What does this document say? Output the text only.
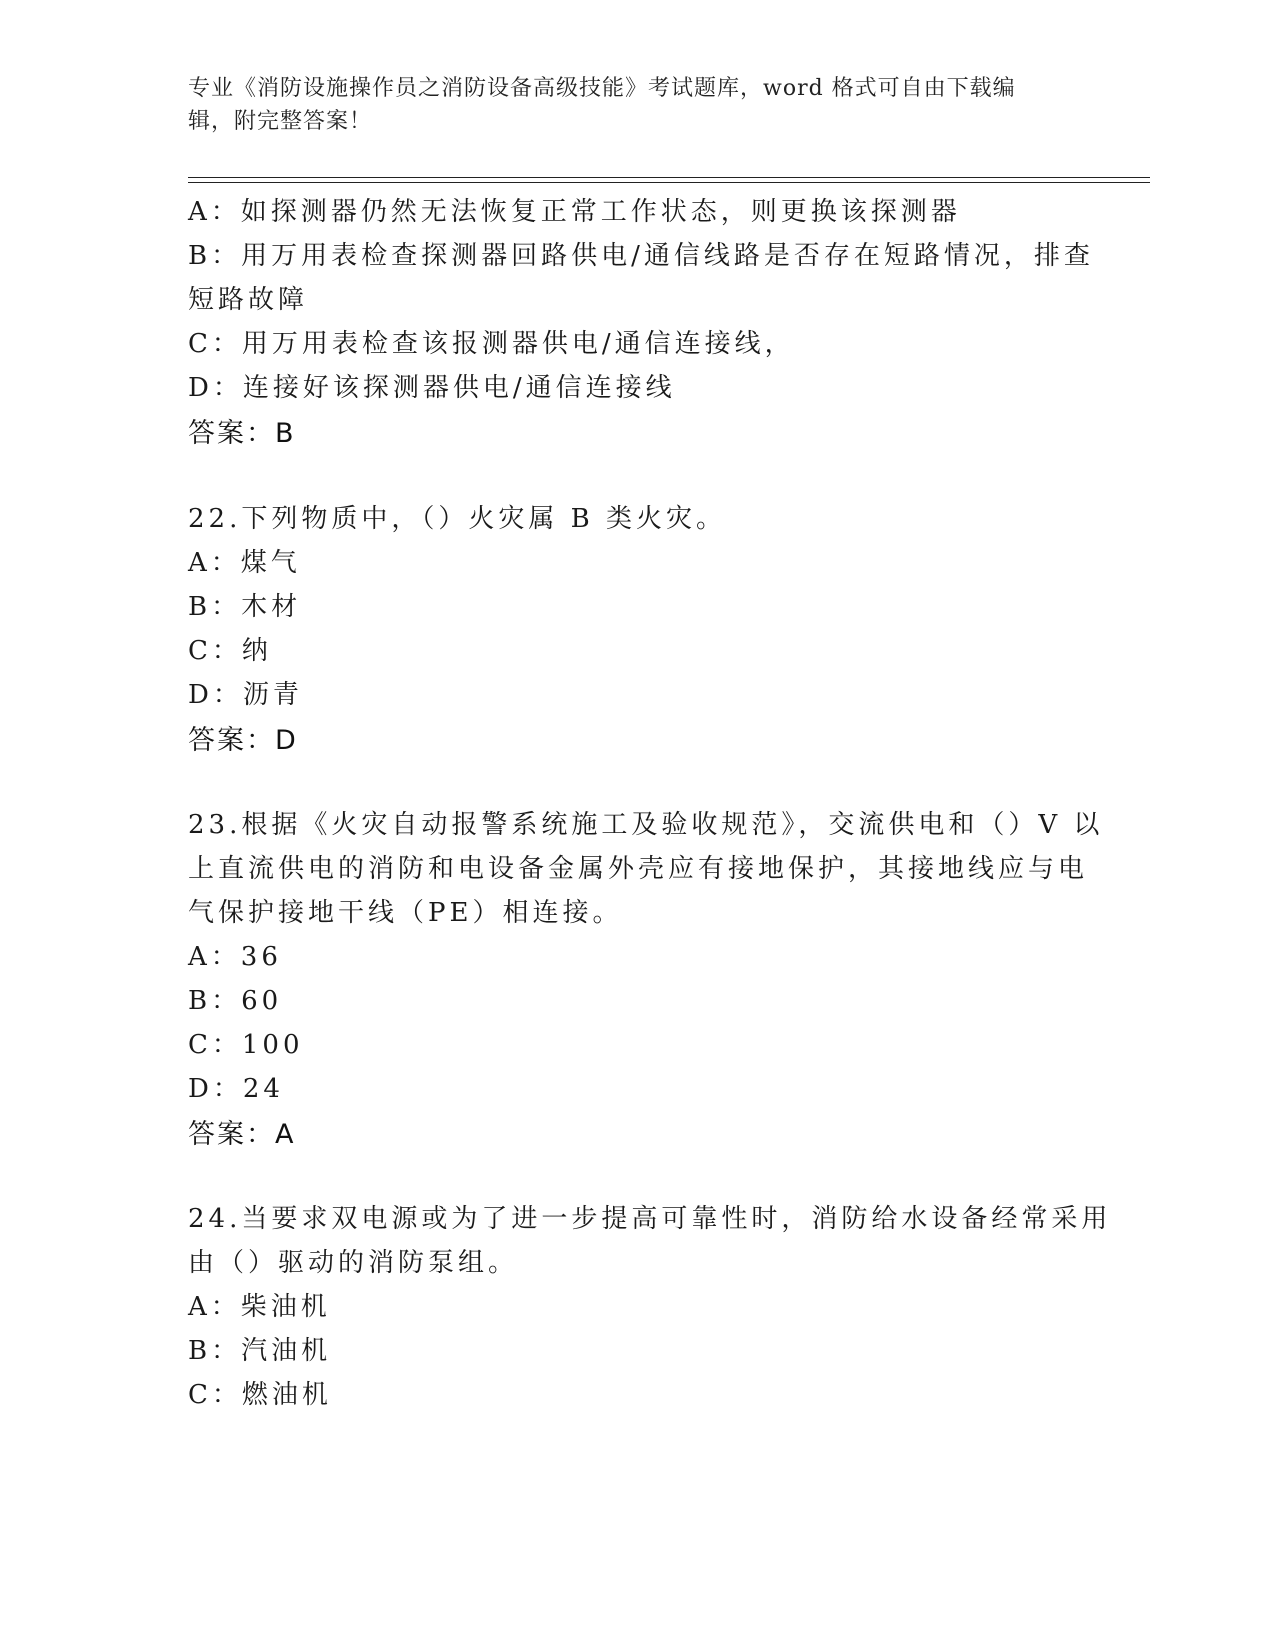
专业《消防设施操作员之消防设备高级技能》考试题库，word 格式可自由下载编
辑，附完整答案！
A：如探测器仍然无法恢复正常工作状态，则更换该探测器
B：用万用表检查探测器回路供电/通信线路是否存在短路情况，排查
短路故障
C：用万用表检查该报测器供电/通信连接线，
D：连接好该探测器供电/通信连接线
答案：B
22.下列物质中，（）火灾属 B 类火灾。
A：煤气
B：木材
C：纳
D：沥青
答案：D
23.根据《火灾自动报警系统施工及验收规范》，交流供电和（）V 以
上直流供电的消防和电设备金属外壳应有接地保护，其接地线应与电
气保护接地干线（PE）相连接。
A：36
B：60
C：100
D：24
答案：A
24.当要求双电源或为了进一步提高可靠性时，消防给水设备经常采用
由（）驱动的消防泵组。
A：柴油机
B：汽油机
C：燃油机
